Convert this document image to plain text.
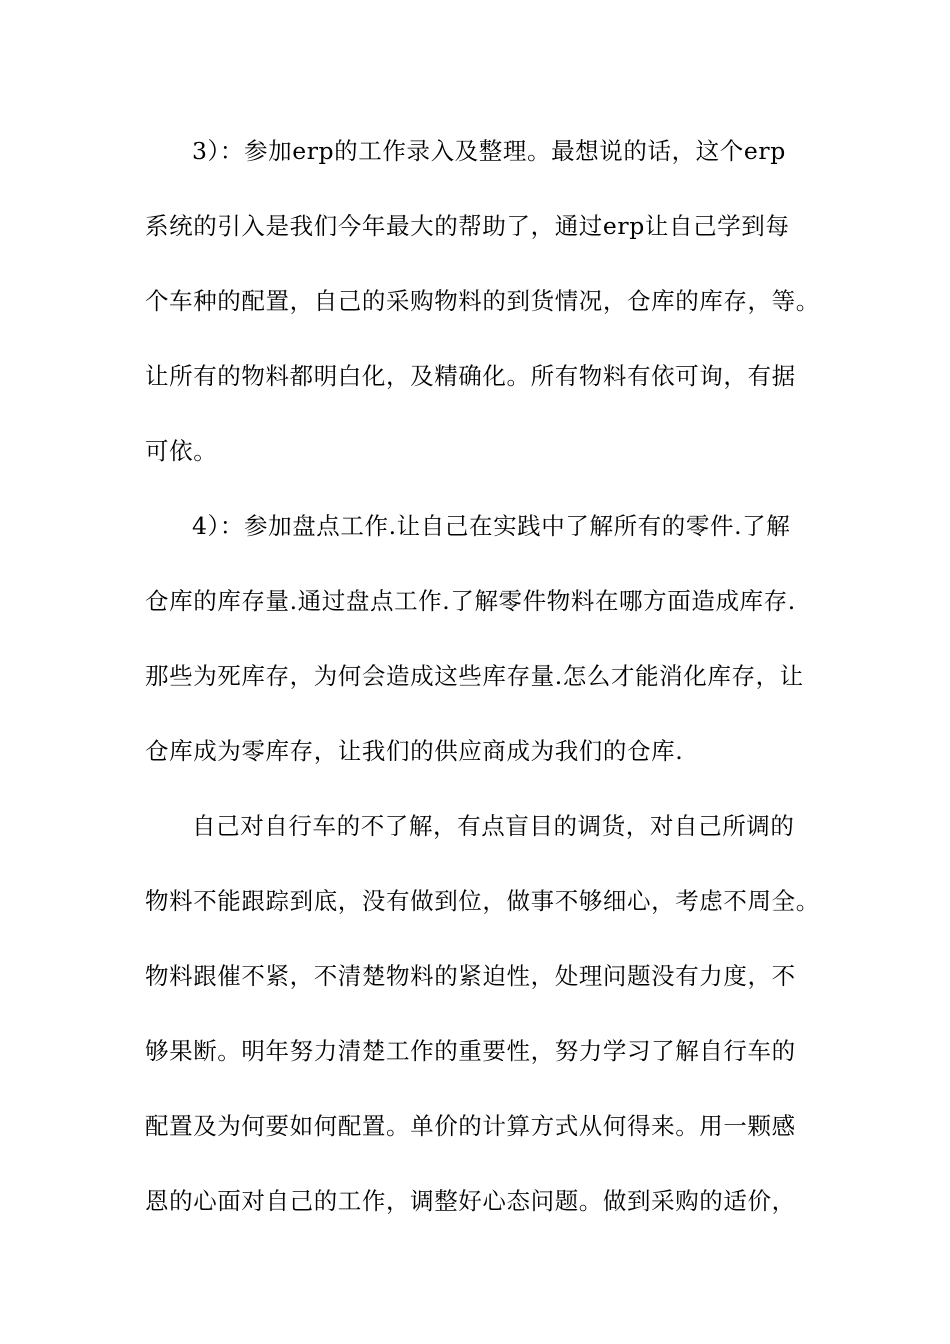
3）：参加erp的工作录入及整理。最想说的话，这个erp
系统的引入是我们今年最大的帮助了，通过erp让自己学到每
个车种的配置，自己的采购物料的到货情况，仓库的库存，等。
让所有的物料都明白化，及精确化。所有物料有依可询，有据
可依。
4）：参加盘点工作.让自己在实践中了解所有的零件.了解
仓库的库存量.通过盘点工作.了解零件物料在哪方面造成库存.
那些为死库存，为何会造成这些库存量.怎么才能消化库存，让
仓库成为零库存，让我们的供应商成为我们的仓库.
自己对自行车的不了解，有点盲目的调货，对自己所调的
物料不能跟踪到底，没有做到位，做事不够细心，考虑不周全。
物料跟催不紧，不清楚物料的紧迫性，处理问题没有力度，不
够果断。明年努力清楚工作的重要性，努力学习了解自行车的
配置及为何要如何配置。单价的计算方式从何得来。用一颗感
恩的心面对自己的工作，调整好心态问题。做到采购的适价，
